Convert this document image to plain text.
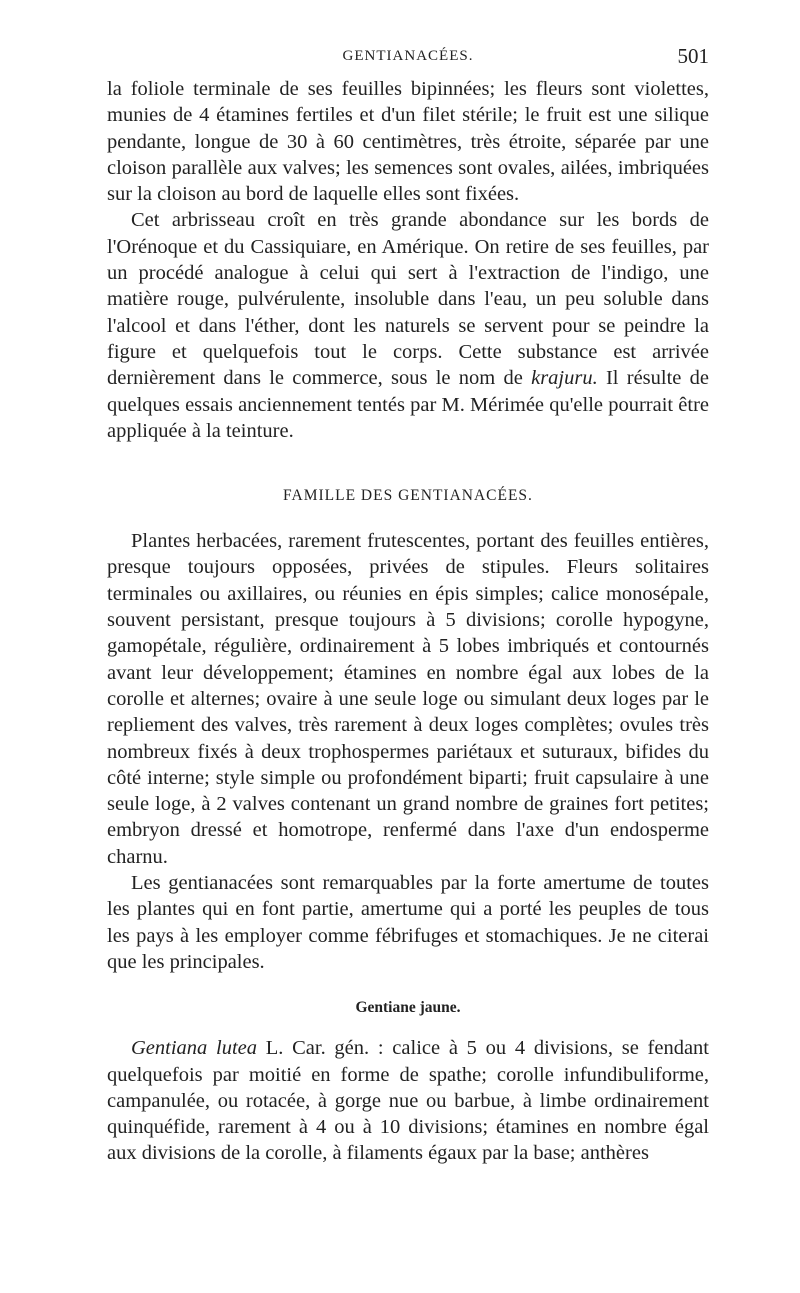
GENTIANACÉES.	501

la foliole terminale de ses feuilles bipinnées; les fleurs sont violettes, munies de 4 étamines fertiles et d'un filet stérile; le fruit est une silique pendante, longue de 30 à 60 centimètres, très étroite, séparée par une cloison parallèle aux valves; les semences sont ovales, ailées, imbriquées sur la cloison au bord de laquelle elles sont fixées.

Cet arbrisseau croît en très grande abondance sur les bords de l'Orénoque et du Cassiquiare, en Amérique. On retire de ses feuilles, par un procédé analogue à celui qui sert à l'extraction de l'indigo, une matière rouge, pulvérulente, insoluble dans l'eau, un peu soluble dans l'alcool et dans l'éther, dont les naturels se servent pour se peindre la figure et quelquefois tout le corps. Cette substance est arrivée dernièrement dans le commerce, sous le nom de krajuru. Il résulte de quelques essais anciennement tentés par M. Mérimée qu'elle pourrait être appliquée à la teinture.

FAMILLE DES GENTIANACÉES.

Plantes herbacées, rarement frutescentes, portant des feuilles entières, presque toujours opposées, privées de stipules. Fleurs solitaires terminales ou axillaires, ou réunies en épis simples; calice monosépale, souvent persistant, presque toujours à 5 divisions; corolle hypogyne, gamopétale, régulière, ordinairement à 5 lobes imbriqués et contournés avant leur développement; étamines en nombre égal aux lobes de la corolle et alternes; ovaire à une seule loge ou simulant deux loges par le repliement des valves, très rarement à deux loges complètes; ovules très nombreux fixés à deux trophospermes pariétaux et suturaux, bifides du côté interne; style simple ou profondément biparti; fruit capsulaire à une seule loge, à 2 valves contenant un grand nombre de graines fort petites; embryon dressé et homotrope, renfermé dans l'axe d'un endosperme charnu.

Les gentianacées sont remarquables par la forte amertume de toutes les plantes qui en font partie, amertume qui a porté les peuples de tous les pays à les employer comme fébrifuges et stomachiques. Je ne citerai que les principales.

Gentiane jaune.

Gentiana lutea L. Car. gén. : calice à 5 ou 4 divisions, se fendant quelquefois par moitié en forme de spathe; corolle infundibuliforme, campanulée, ou rotacée, à gorge nue ou barbue, à limbe ordinairement quinquéfide, rarement à 4 ou à 10 divisions; étamines en nombre égal aux divisions de la corolle, à filaments égaux par la base; anthères
